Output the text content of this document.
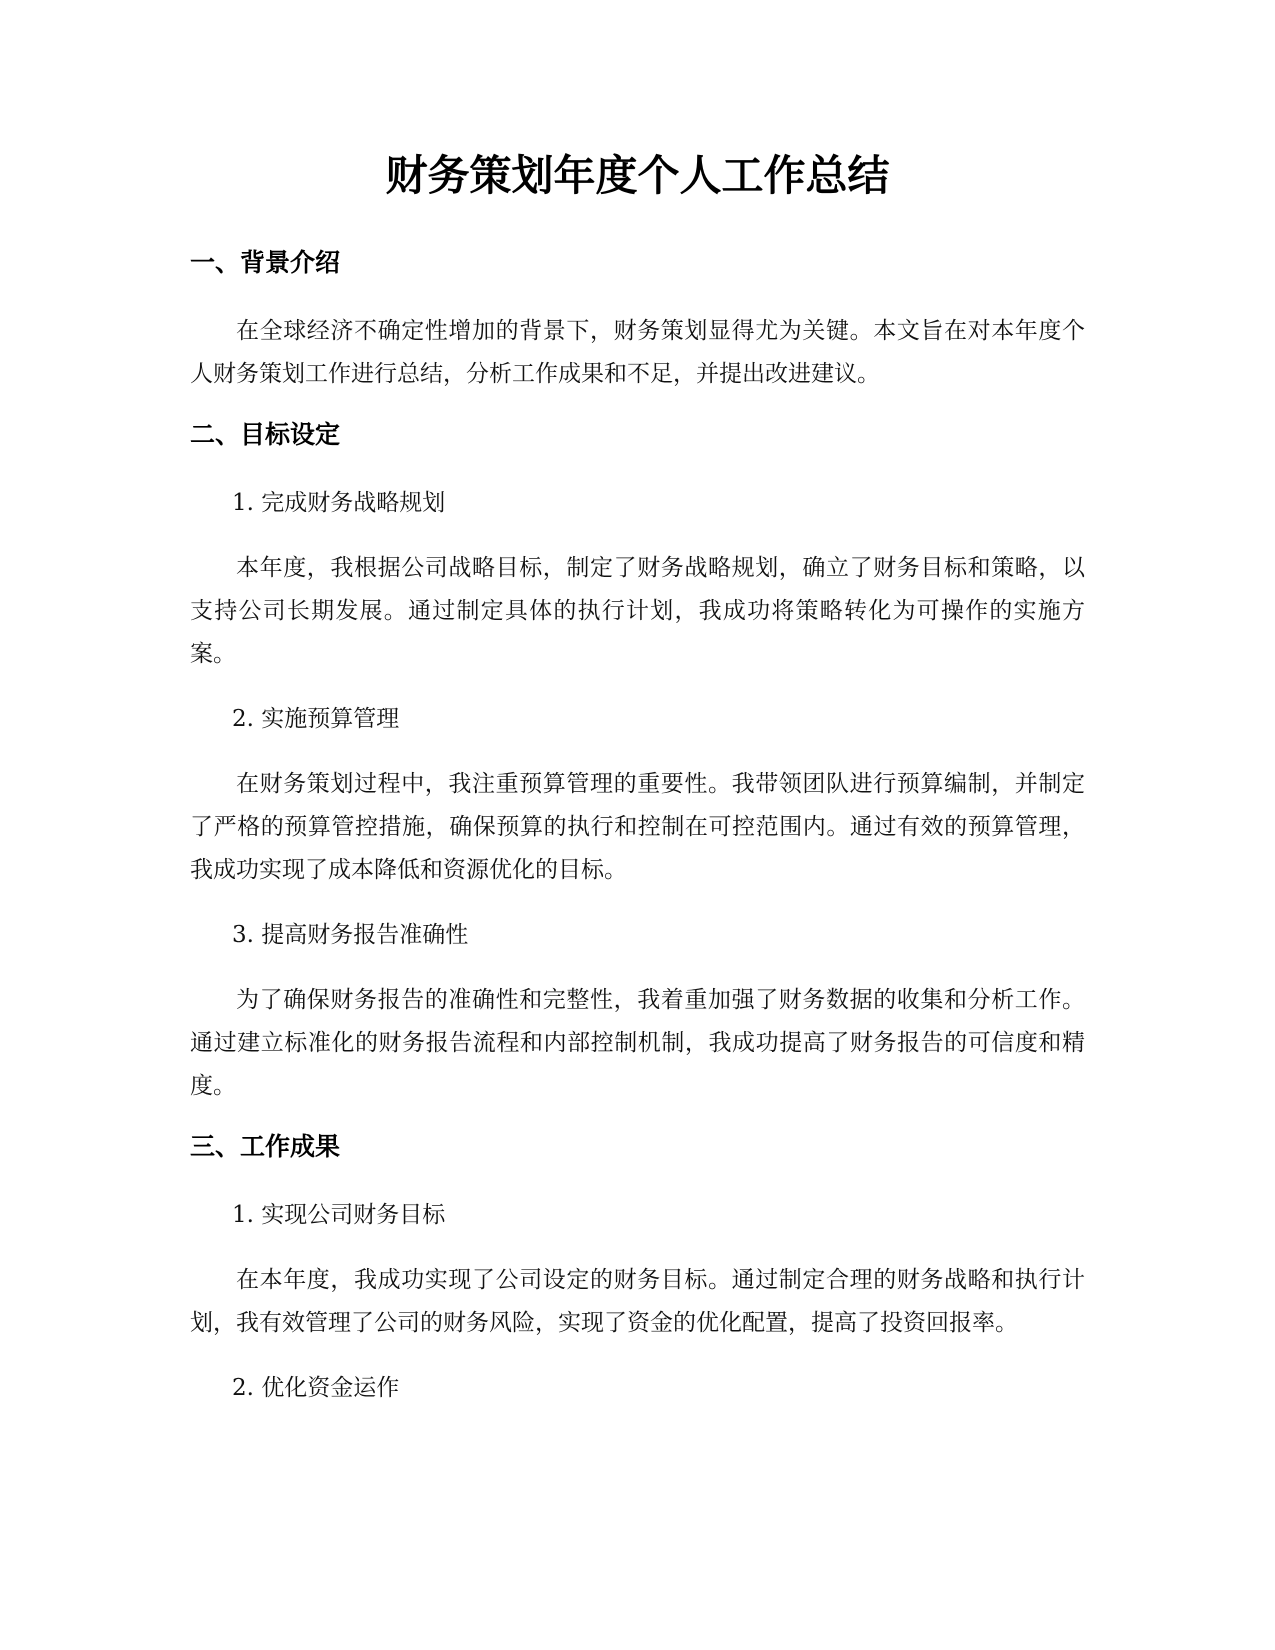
财务策划年度个人工作总结
一、背景介绍

在全球经济不确定性增加的背景下，财务策划显得尤为关键。本文旨在对本年度个人财务策划工作进行总结，分析工作成果和不足，并提出改进建议。

二、目标设定

1. 完成财务战略规划

本年度，我根据公司战略目标，制定了财务战略规划，确立了财务目标和策略，以支持公司长期发展。通过制定具体的执行计划，我成功将策略转化为可操作的实施方案。

2. 实施预算管理

在财务策划过程中，我注重预算管理的重要性。我带领团队进行预算编制，并制定了严格的预算管控措施，确保预算的执行和控制在可控范围内。通过有效的预算管理，我成功实现了成本降低和资源优化的目标。

3. 提高财务报告准确性

为了确保财务报告的准确性和完整性，我着重加强了财务数据的收集和分析工作。通过建立标准化的财务报告流程和内部控制机制，我成功提高了财务报告的可信度和精度。

三、工作成果

1. 实现公司财务目标

在本年度，我成功实现了公司设定的财务目标。通过制定合理的财务战略和执行计划，我有效管理了公司的财务风险，实现了资金的优化配置，提高了投资回报率。

2. 优化资金运作
